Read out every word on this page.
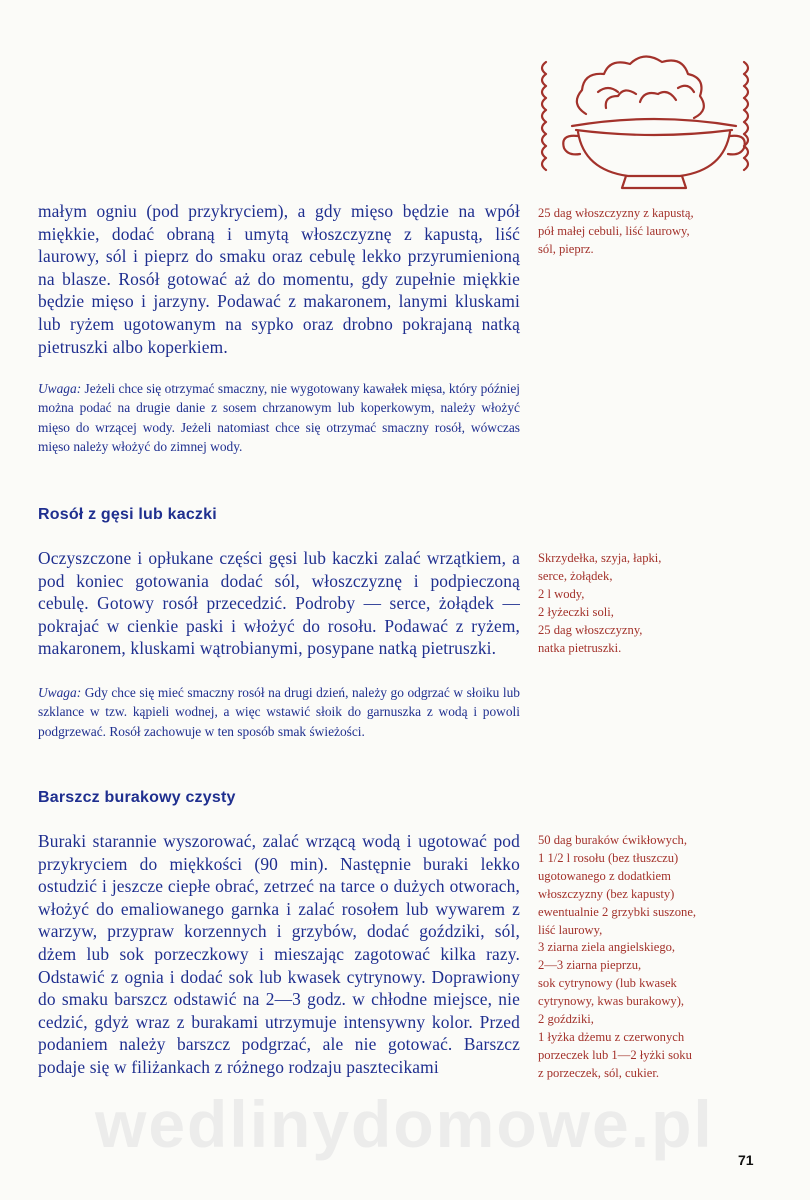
małym ogniu (pod przykryciem), a gdy mięso będzie na wpół miękkie, dodać obraną i umytą włoszczyznę z kapustą, liść laurowy, sól i pieprz do smaku oraz cebulę lekko przyrumienioną na blasze. Rosół gotować aż do momentu, gdy zupełnie miękkie będzie mięso i jarzyny. Podawać z makaronem, lanymi kluskami lub ryżem ugotowanym na sypko oraz drobno pokrajaną natką pietruszki albo koperkiem.
Uwaga: Jeżeli chce się otrzymać smaczny, nie wygotowany kawałek mięsa, który później można podać na drugie danie z sosem chrzanowym lub koperkowym, należy włożyć mięso do wrzącej wody. Jeżeli natomiast chce się otrzymać smaczny rosół, wówczas mięso należy włożyć do zimnej wody.
25 dag włoszczyzny z kapustą,
pół małej cebuli, liść laurowy,
sól, pieprz.
Rosół z gęsi lub kaczki
Oczyszczone i opłukane części gęsi lub kaczki zalać wrzątkiem, a pod koniec gotowania dodać sól, włoszczyznę i podpieczoną cebulę. Gotowy rosół przecedzić. Podroby — serce, żołądek — pokrajać w cienkie paski i włożyć do rosołu. Podawać z ryżem, makaronem, kluskami wątrobianymi, posypane natką pietruszki.
Uwaga: Gdy chce się mieć smaczny rosół na drugi dzień, należy go odgrzać w słoiku lub szklance w tzw. kąpieli wodnej, a więc wstawić słoik do garnuszka z wodą i powoli podgrzewać. Rosół zachowuje w ten sposób smak świeżości.
Skrzydełka, szyja, łapki,
serce, żołądek,
2 l wody,
2 łyżeczki soli,
25 dag włoszczyzny,
natka pietruszki.
Barszcz burakowy czysty
Buraki starannie wyszorować, zalać wrzącą wodą i ugotować pod przykryciem do miękkości (90 min). Następnie buraki lekko ostudzić i jeszcze ciepłe obrać, zetrzeć na tarce o dużych otworach, włożyć do emaliowanego garnka i zalać rosołem lub wywarem z warzyw, przypraw korzennych i grzybów, dodać goździki, sól, dżem lub sok porzeczkowy i mieszając zagotować kilka razy. Odstawić z ognia i dodać sok lub kwasek cytrynowy. Doprawiony do smaku barszcz odstawić na 2—3 godz. w chłodne miejsce, nie cedzić, gdyż wraz z burakami utrzymuje intensywny kolor. Przed podaniem należy barszcz podgrzać, ale nie gotować. Barszcz podaje się w filiżankach z różnego rodzaju pasztecikami
50 dag buraków ćwikłowych,
1 1/2 l rosołu (bez tłuszczu)
ugotowanego z dodatkiem
włoszczyzny (bez kapusty)
ewentualnie 2 grzybki suszone,
liść laurowy,
3 ziarna ziela angielskiego,
2—3 ziarna pieprzu,
sok cytrynowy (lub kwasek
cytrynowy, kwas burakowy),
2 goździki,
1 łyżka dżemu z czerwonych
porzeczek lub 1—2 łyżki soku
z porzeczek, sól, cukier.
wedlinydomowe.pl 71
